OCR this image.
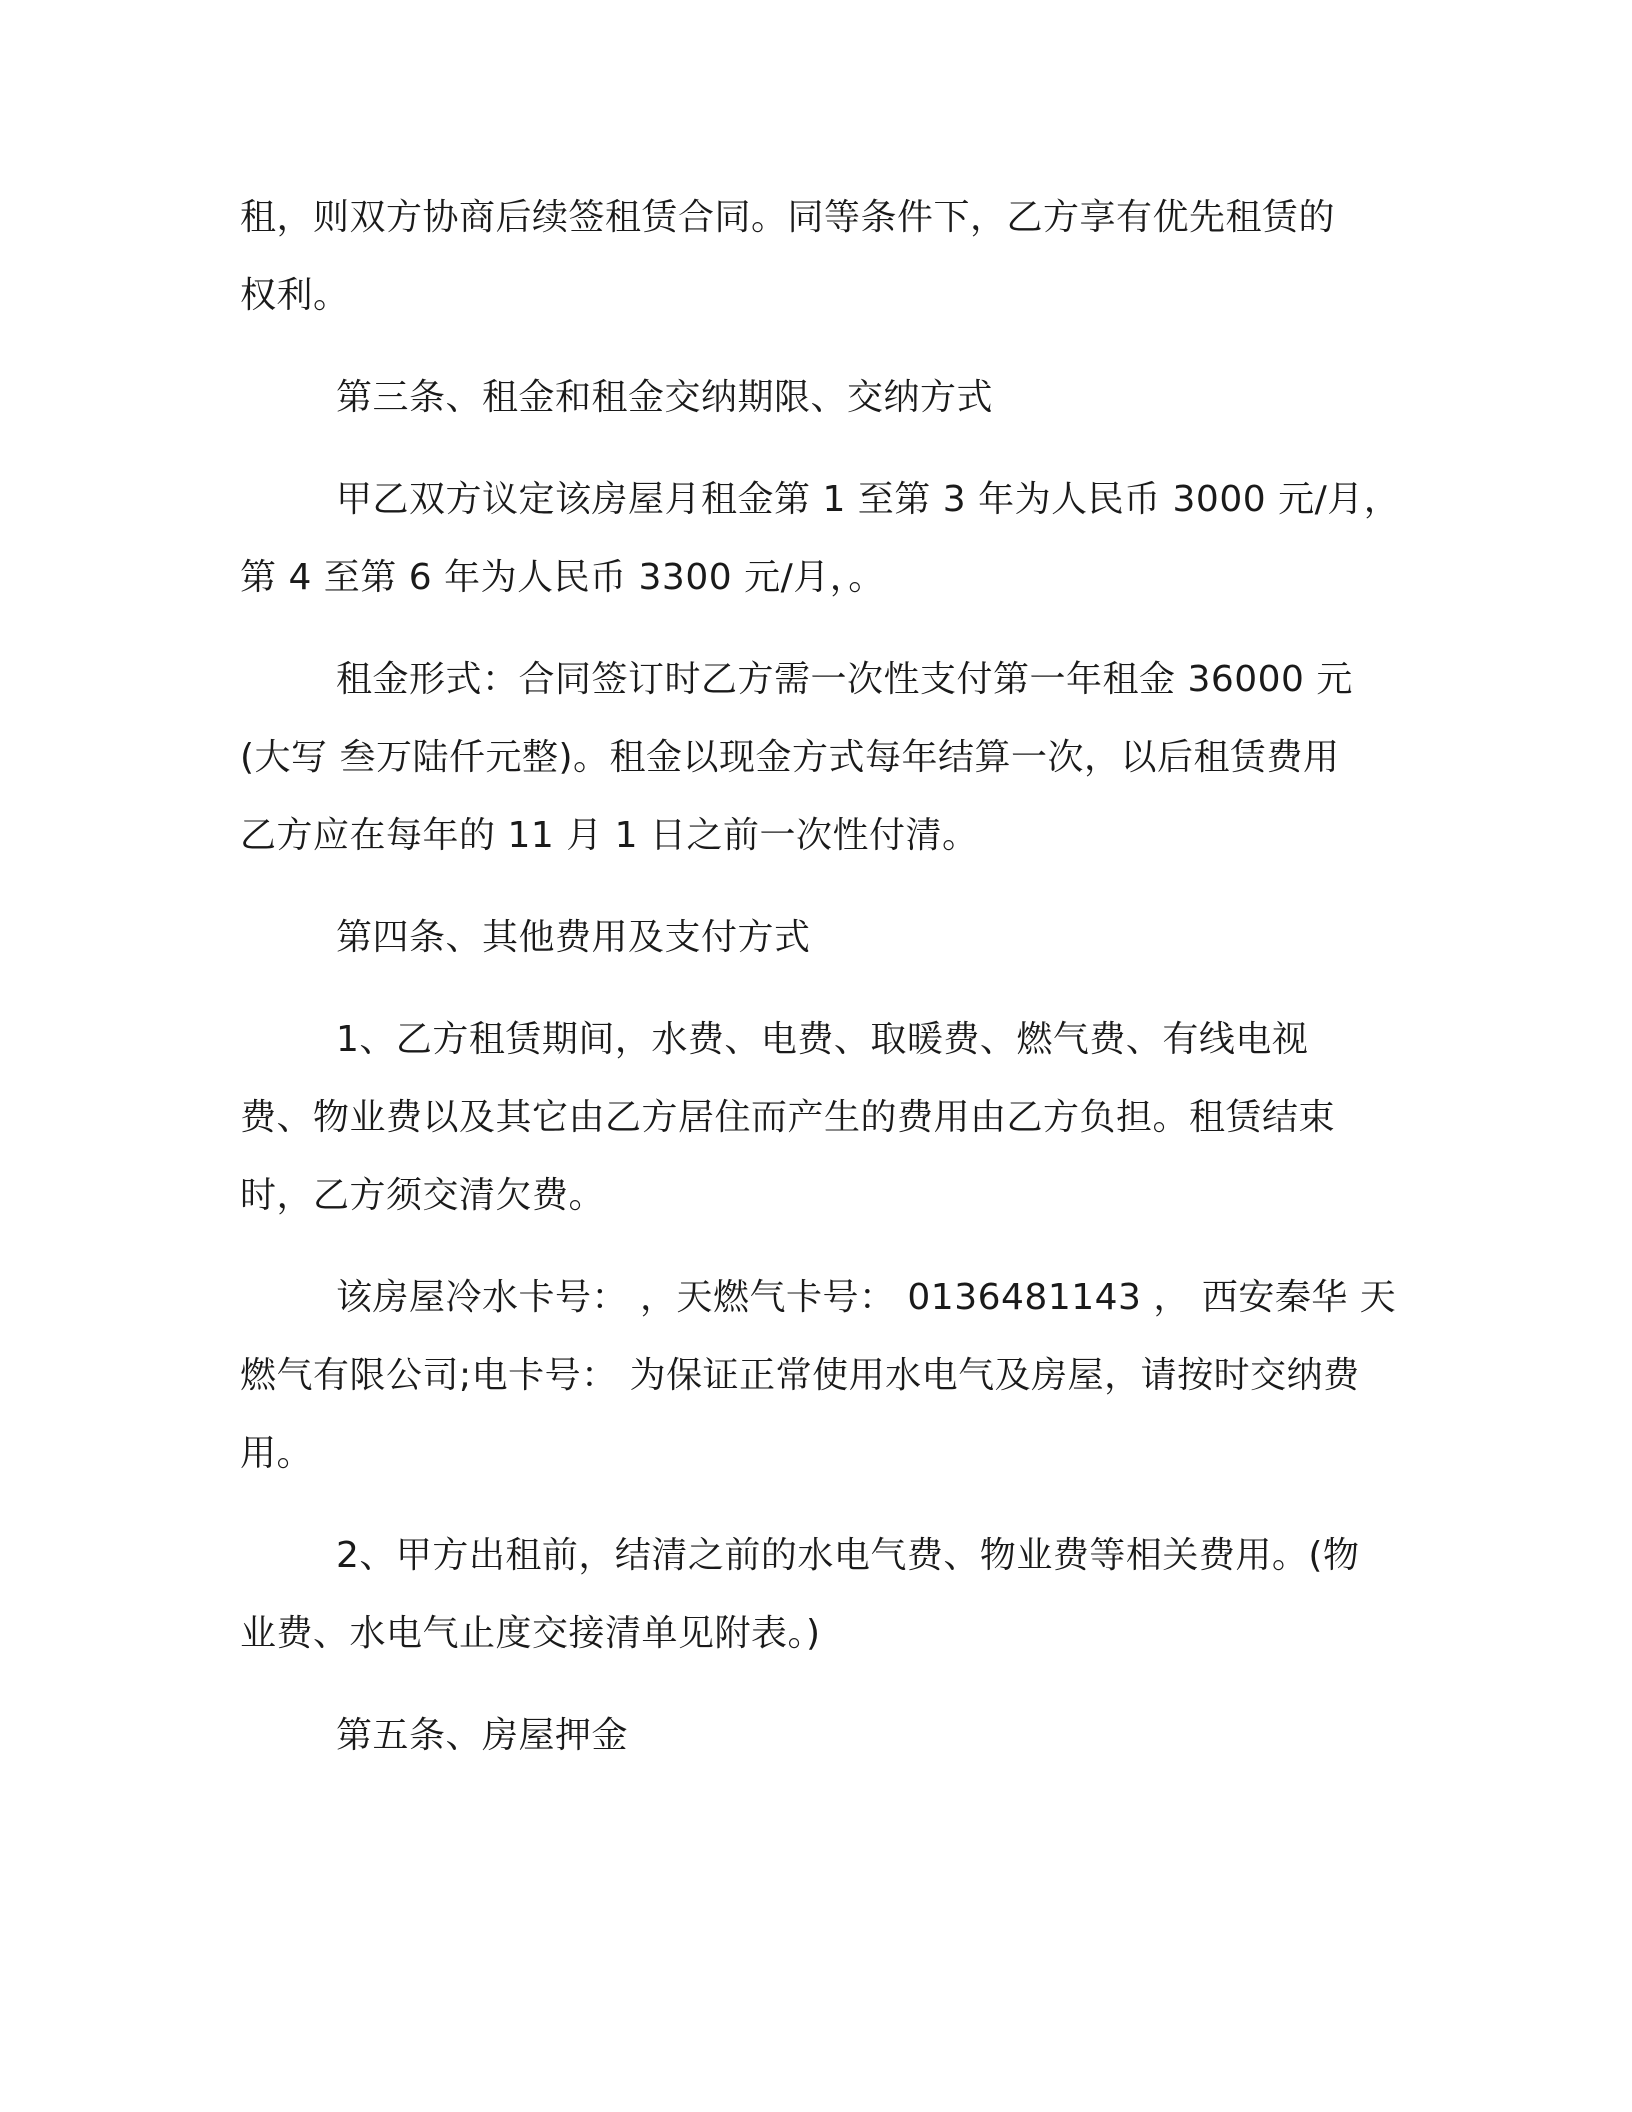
租，则双方协商后续签租赁合同。同等条件下，乙方享有优先租赁的
权利。
第三条、租金和租金交纳期限、交纳方式
甲乙双方议定该房屋月租金第 1 至第 3 年为人民币 3000 元/月，
第 4 至第 6 年为人民币 3300 元/月，。
租金形式：合同签订时乙方需一次性支付第一年租金 36000 元
(大写 叁万陆仟元整)。租金以现金方式每年结算一次，以后租赁费用
乙方应在每年的 11 月 1 日之前一次性付清。
第四条、其他费用及支付方式
1、乙方租赁期间，水费、电费、取暖费、燃气费、有线电视
费、物业费以及其它由乙方居住而产生的费用由乙方负担。租赁结束
时，乙方须交清欠费。
该房屋冷水卡号： ，天燃气卡号： 0136481143 ， 西安秦华 天
燃气有限公司;电卡号： 为保证正常使用水电气及房屋，请按时交纳费
用。
2、甲方出租前，结清之前的水电气费、物业费等相关费用。(物
业费、水电气止度交接清单见附表。)
第五条、房屋押金
